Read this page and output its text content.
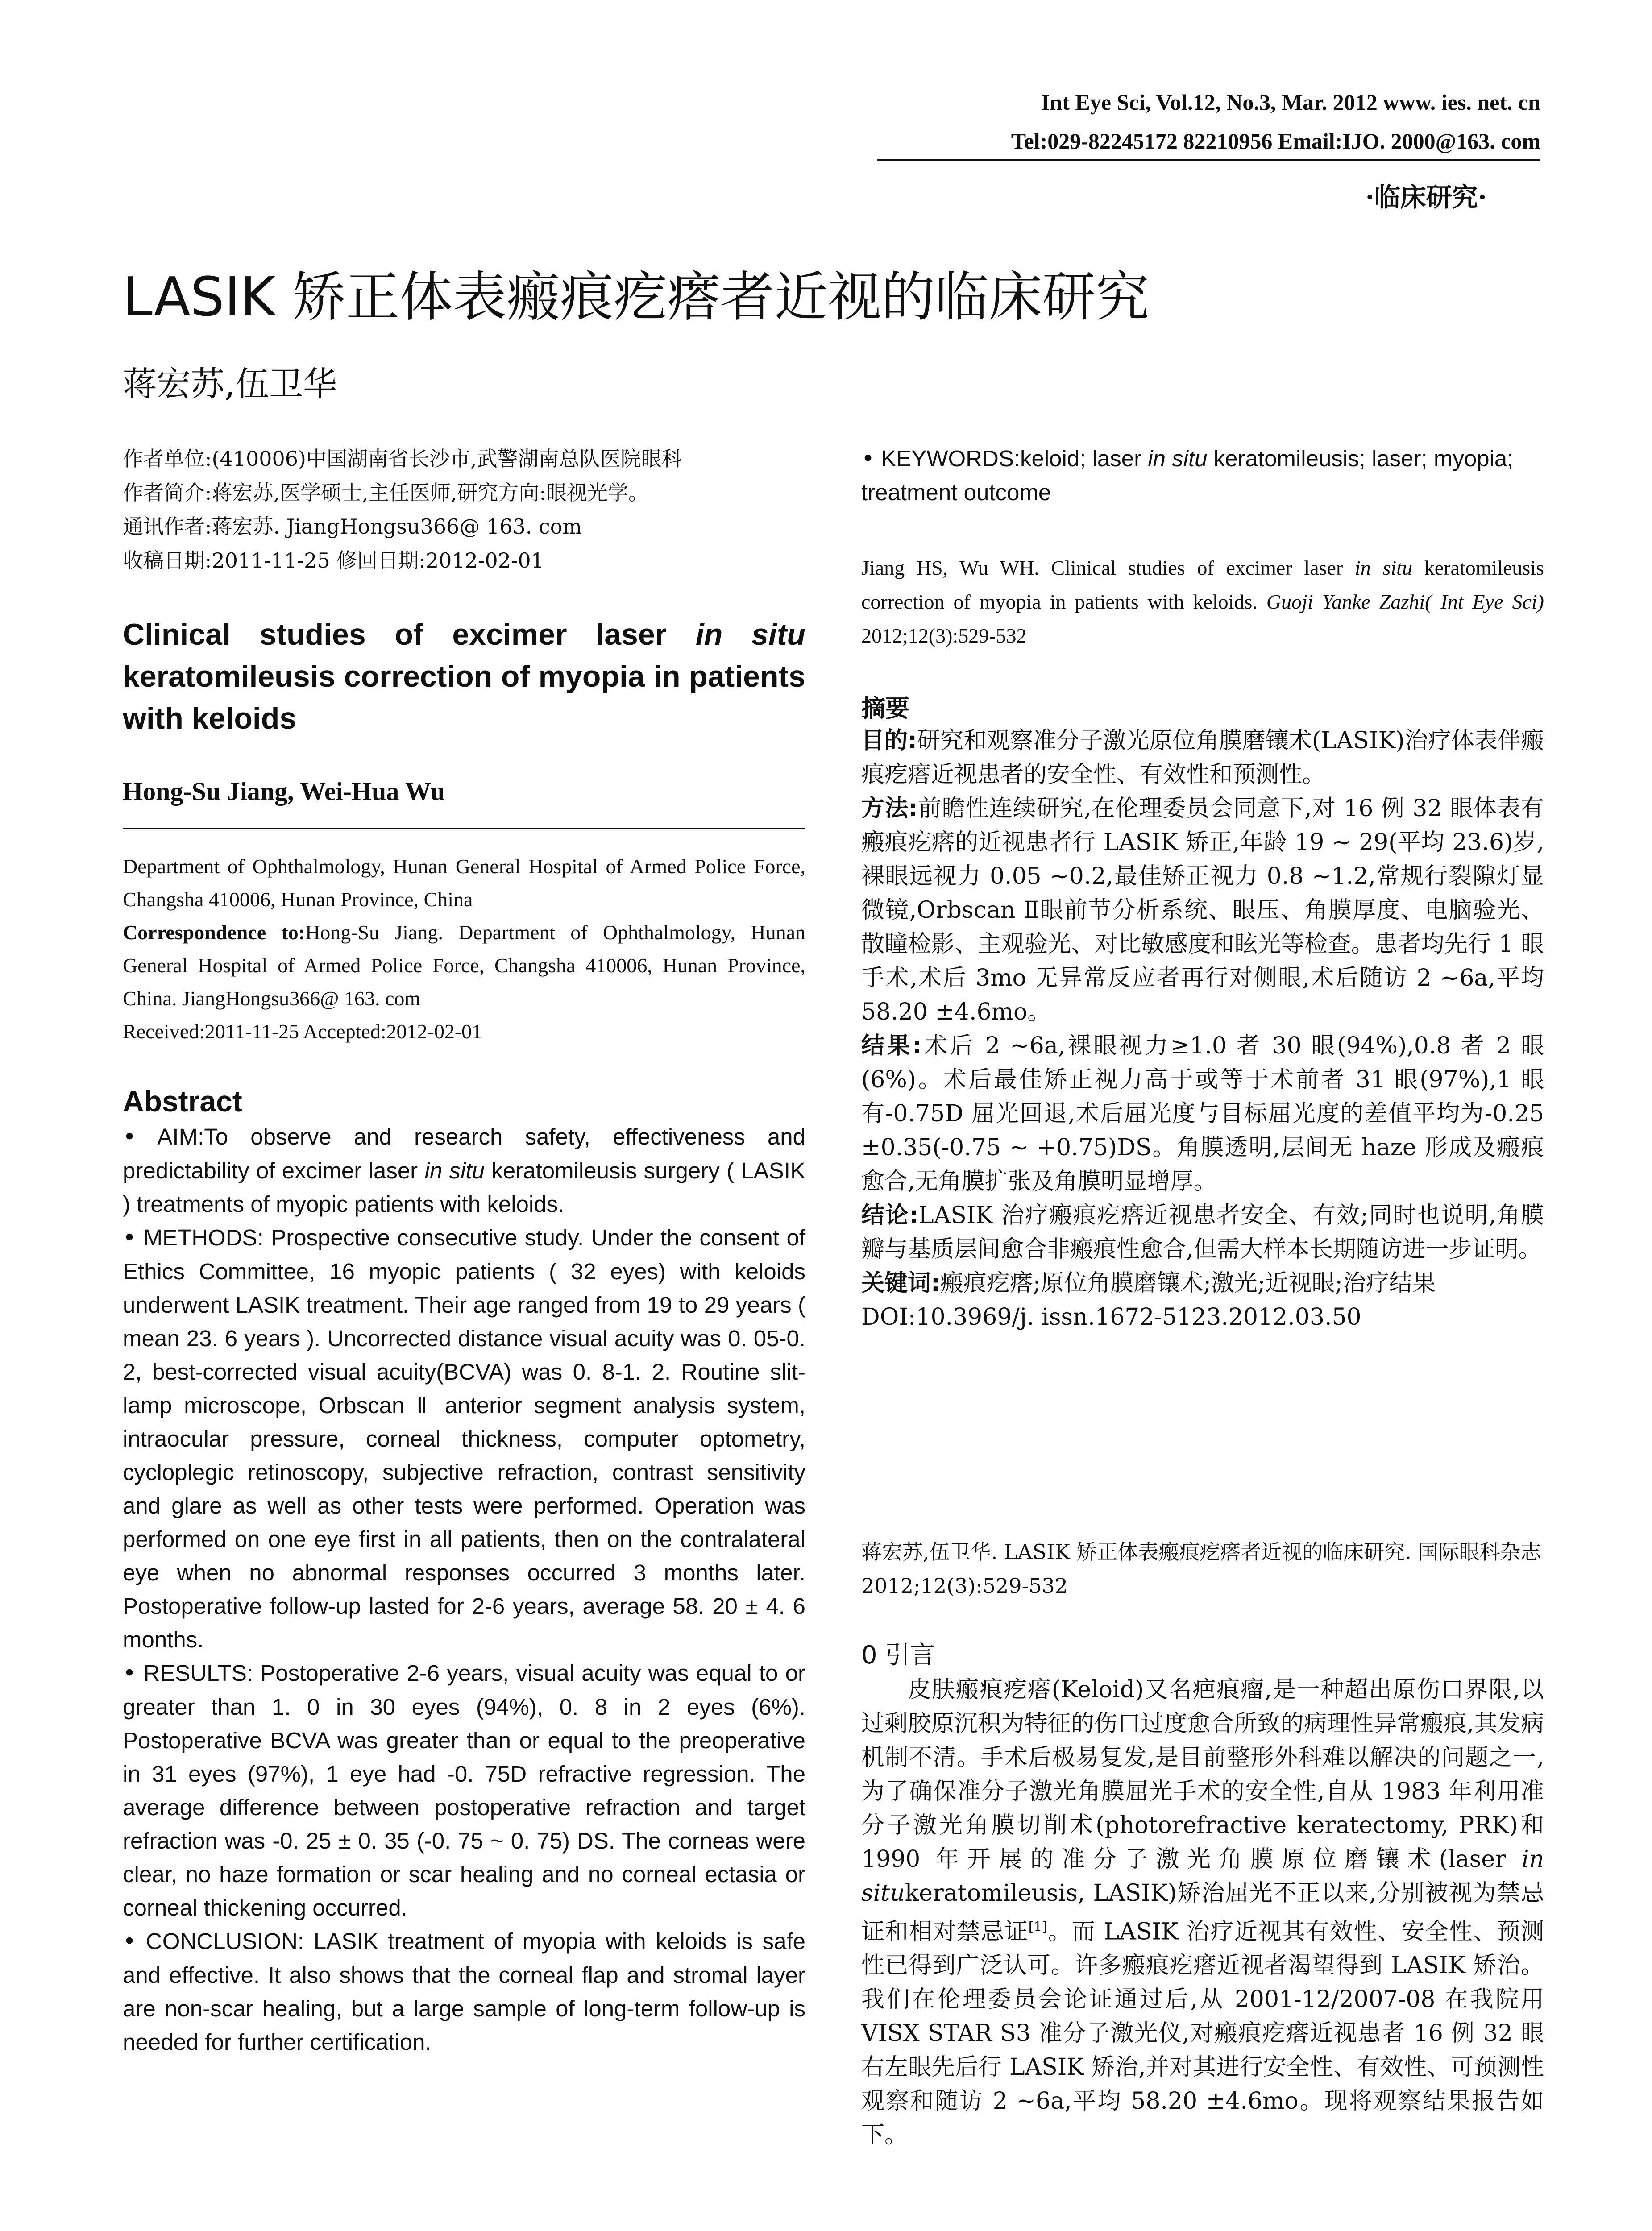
Int Eye Sci, Vol.12, No.3, Mar. 2012 www. ies. net. cn
Tel:029-82245172 82210956 Email:IJO. 2000@163. com
·临床研究·
LASIK 矫正体表瘢痕疙瘩者近视的临床研究
蒋宏苏,伍卫华
作者单位:(410006)中国湖南省长沙市,武警湖南总队医院眼科
作者简介:蒋宏苏,医学硕士,主任医师,研究方向:眼视光学。
通讯作者:蒋宏苏. JiangHongsu366@ 163. com
收稿日期:2011-11-25 修回日期:2012-02-01
Clinical studies of excimer laser in situ keratomileusis correction of myopia in patients with keloids
Hong-Su Jiang, Wei-Hua Wu
Department of Ophthalmology, Hunan General Hospital of Armed Police Force, Changsha 410006, Hunan Province, China
Correspondence to:Hong-Su Jiang. Department of Ophthalmology, Hunan General Hospital of Armed Police Force, Changsha 410006, Hunan Province, China. JiangHongsu366@ 163. com
Received:2011-11-25 Accepted:2012-02-01
Abstract
• AIM:To observe and research safety, effectiveness and predictability of excimer laser in situ keratomileusis surgery ( LASIK ) treatments of myopic patients with keloids.
• METHODS: Prospective consecutive study. Under the consent of Ethics Committee, 16 myopic patients ( 32 eyes) with keloids underwent LASIK treatment. Their age ranged from 19 to 29 years ( mean 23. 6 years ). Uncorrected distance visual acuity was 0. 05-0. 2, best-corrected visual acuity(BCVA) was 0. 8-1. 2. Routine slit-lamp microscope, Orbscan Ⅱ anterior segment analysis system, intraocular pressure, corneal thickness, computer optometry, cycloplegic retinoscopy, subjective refraction, contrast sensitivity and glare as well as other tests were performed. Operation was performed on one eye first in all patients, then on the contralateral eye when no abnormal responses occurred 3 months later. Postoperative follow-up lasted for 2-6 years, average 58. 20 ± 4. 6 months.
• RESULTS: Postoperative 2-6 years, visual acuity was equal to or greater than 1. 0 in 30 eyes (94%), 0. 8 in 2 eyes (6%). Postoperative BCVA was greater than or equal to the preoperative in 31 eyes (97%), 1 eye had -0. 75D refractive regression. The average difference between postoperative refraction and target refraction was -0. 25 ± 0. 35 (-0. 75 ~ 0. 75) DS. The corneas were clear, no haze formation or scar healing and no corneal ectasia or corneal thickening occurred.
• CONCLUSION: LASIK treatment of myopia with keloids is safe and effective. It also shows that the corneal flap and stromal layer are non-scar healing, but a large sample of long-term follow-up is needed for further certification.
• KEYWORDS:keloid; laser in situ keratomileusis; laser; myopia; treatment outcome
Jiang HS, Wu WH. Clinical studies of excimer laser in situ keratomileusis correction of myopia in patients with keloids. Guoji Yanke Zazhi( Int Eye Sci) 2012;12(3):529-532
摘要
目的:研究和观察准分子激光原位角膜磨镶术(LASIK)治疗体表伴瘢痕疙瘩近视患者的安全性、有效性和预测性。
方法:前瞻性连续研究,在伦理委员会同意下,对 16 例 32 眼体表有瘢痕疙瘩的近视患者行 LASIK 矫正,年龄 19 ~ 29(平均 23.6)岁,裸眼远视力 0.05 ~0.2,最佳矫正视力 0.8 ~1.2,常规行裂隙灯显微镜,Orbscan Ⅱ眼前节分析系统、眼压、角膜厚度、电脑验光、散瞳检影、主观验光、对比敏感度和眩光等检查。患者均先行 1 眼手术,术后 3mo 无异常反应者再行对侧眼,术后随访 2 ~6a,平均 58.20 ±4.6mo。
结果:术后 2 ~6a,裸眼视力≥1.0 者 30 眼(94%),0.8 者 2 眼(6%)。术后最佳矫正视力高于或等于术前者 31 眼(97%),1 眼有-0.75D 屈光回退,术后屈光度与目标屈光度的差值平均为-0.25 ±0.35(-0.75 ~ +0.75)DS。角膜透明,层间无 haze 形成及瘢痕愈合,无角膜扩张及角膜明显增厚。
结论:LASIK 治疗瘢痕疙瘩近视患者安全、有效;同时也说明,角膜瓣与基质层间愈合非瘢痕性愈合,但需大样本长期随访进一步证明。
关键词:瘢痕疙瘩;原位角膜磨镶术;激光;近视眼;治疗结果
DOI:10.3969/j. issn.1672-5123.2012.03.50
蒋宏苏,伍卫华. LASIK 矫正体表瘢痕疙瘩者近视的临床研究. 国际眼科杂志 2012;12(3):529-532
0 引言
皮肤瘢痕疙瘩(Keloid)又名疤痕瘤,是一种超出原伤口界限,以过剩胶原沉积为特征的伤口过度愈合所致的病理性异常瘢痕,其发病机制不清。手术后极易复发,是目前整形外科难以解决的问题之一,为了确保准分子激光角膜屈光手术的安全性,自从 1983 年利用准分子激光角膜切削术(photorefractive keratectomy, PRK)和 1990 年开展的准分子激光角膜原位磨镶术(laser in situkeratomileusis, LASIK)矫治屈光不正以来,分别被视为禁忌证和相对禁忌证[1]。而 LASIK 治疗近视其有效性、安全性、预测性已得到广泛认可。许多瘢痕疙瘩近视者渴望得到 LASIK 矫治。我们在伦理委员会论证通过后,从 2001-12/2007-08 在我院用 VISX STAR S3 准分子激光仪,对瘢痕疙瘩近视患者 16 例 32 眼右左眼先后行 LASIK 矫治,并对其进行安全性、有效性、可预测性观察和随访 2 ~6a,平均 58.20 ±4.6mo。现将观察结果报告如下。
